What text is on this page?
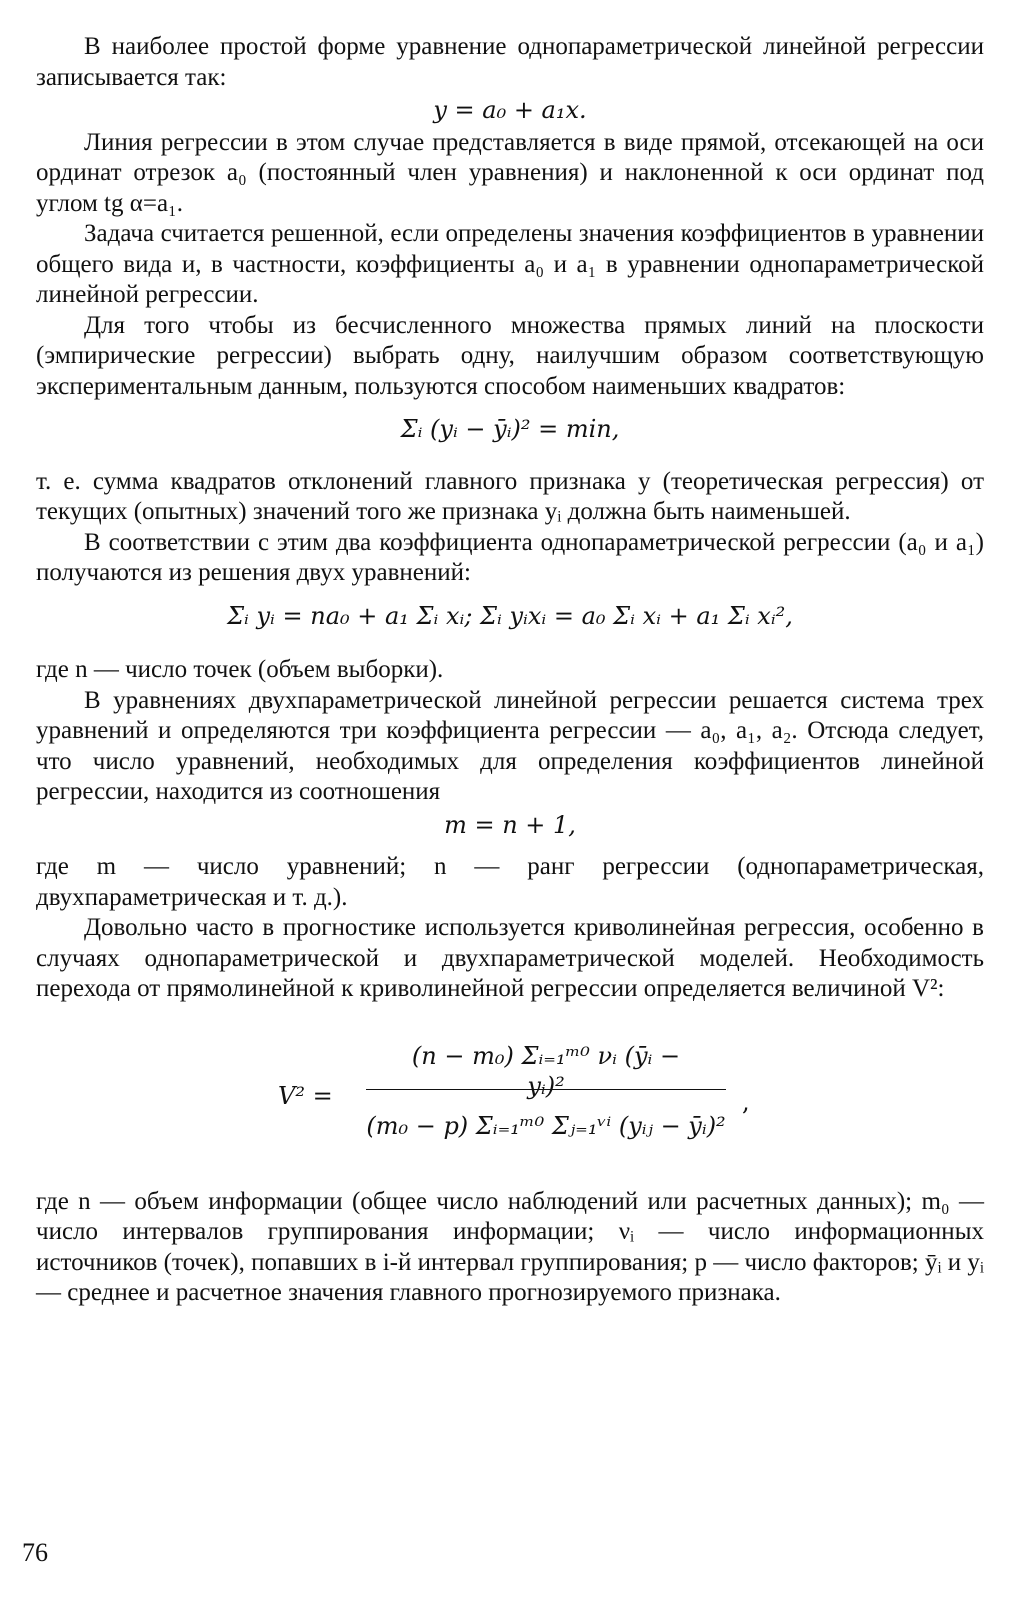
В наиболее простой форме уравнение однопараметрической линейной регрессии записывается так:

y = a₀ + a₁x.

Линия регрессии в этом случае представляется в виде прямой, отсекающей на оси ординат отрезок a₀ (постоянный член уравнения) и наклоненной к оси ординат под углом tg α=a₁.

Задача считается решенной, если определены значения коэффициентов в уравнении общего вида и, в частности, коэффициенты a₀ и a₁ в уравнении однопараметрической линейной регрессии.

Для того чтобы из бесчисленного множества прямых линий на плоскости (эмпирические регрессии) выбрать одну, наилучшим образом соответствующую экспериментальным данным, пользуются способом наименьших квадратов:

Σᵢ (yᵢ − ȳᵢ)² = min,

т. е. сумма квадратов отклонений главного признака y (теоретическая регрессия) от текущих (опытных) значений того же признака yᵢ должна быть наименьшей.

В соответствии с этим два коэффициента однопараметрической регрессии (a₀ и a₁) получаются из решения двух уравнений:

Σᵢ yᵢ = na₀ + a₁ Σᵢ xᵢ; Σᵢ yᵢxᵢ = a₀ Σᵢ xᵢ + a₁ Σᵢ xᵢ²,

где n — число точек (объем выборки).

В уравнениях двухпараметрической линейной регрессии решается система трех уравнений и определяются три коэффициента регрессии — a₀, a₁, a₂. Отсюда следует, что число уравнений, необходимых для определения коэффициентов линейной регрессии, находится из соотношения

m = n + 1,

где m — число уравнений; n — ранг регрессии (однопараметрическая, двухпараметрическая и т. д.).

Довольно часто в прогностике используется криволинейная регрессия, особенно в случаях однопараметрической и двухпараметрической моделей. Необходимость перехода от прямолинейной к криволинейной регрессии определяется величиной V²:

V² =
(n − m₀) Σᵢ₌₁ᵐ⁰ νᵢ (ȳᵢ − yᵢ)²
(m₀ − p) Σᵢ₌₁ᵐ⁰ Σⱼ₌₁ᵛⁱ (yᵢⱼ − ȳᵢ)²
,

где n — объем информации (общее число наблюдений или расчетных данных); m₀ — число интервалов группирования информации; νᵢ — число информационных источников (точек), попавших в i-й интервал группирования; p — число факторов; ȳᵢ и yᵢ — среднее и расчетное значения главного прогнозируемого признака.

76
